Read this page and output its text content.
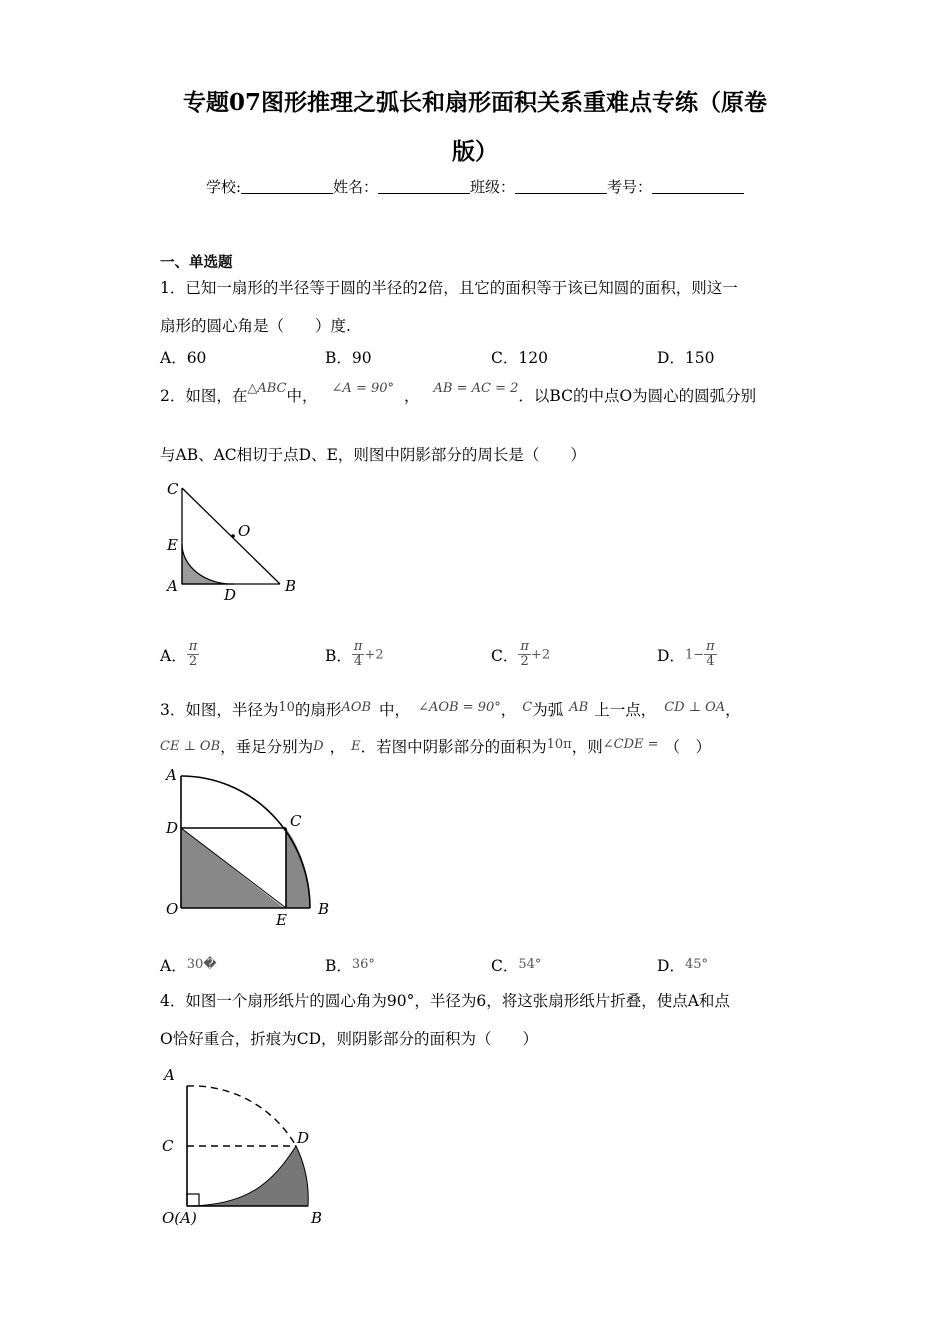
专题07图形推理之弧长和扇形面积关系重难点专练（原卷
版）
学校:	姓名：	班级：	考号：
一、单选题
1．已知一扇形的半径等于圆的半径的2倍，且它的面积等于该已知圆的面积，则这一
扇形的圆心角是（　　）度.
A．60	B．90	C．120	D．150
2．如图，在$^{\triangle ABC}$中， $^{\angle A = 90^\circ}$ ， $^{AB = AC = 2}$．以BC的中点O为圆心的圆弧分别
与AB、AC相切于点D、E，则图中阴影部分的周长是（　　）
C
E
A	D	B
O
A． $\frac{\pi}{2}$	B． $\frac{\pi}{4} +2$	C． $\frac{\pi}{2} +2$	D．$1- \frac{\pi}{4}$
3．如图，半径为$^{10}$的扇形$^{AOB}$ 中， $^{\angle AOB = 90^\circ}$， $^C$为弧 $^{AB}$ 上一点， $^{CD \perp OA}$，
CE ⊥ OB，垂足分别为D ， E．若图中阴影部分的面积为$^{10\pi}$，则$^{\angle CDE =}$ （　）
A
D	C
O
E
B
A．30�	B．36°	C．54°	D．45°
4．如图一个扇形纸片的圆心角为90°，半径为6，将这张扇形纸片折叠，使点A和点
O恰好重合，折痕为CD，则阴影部分的面积为（　　）
A
C	D
O(A)	B
